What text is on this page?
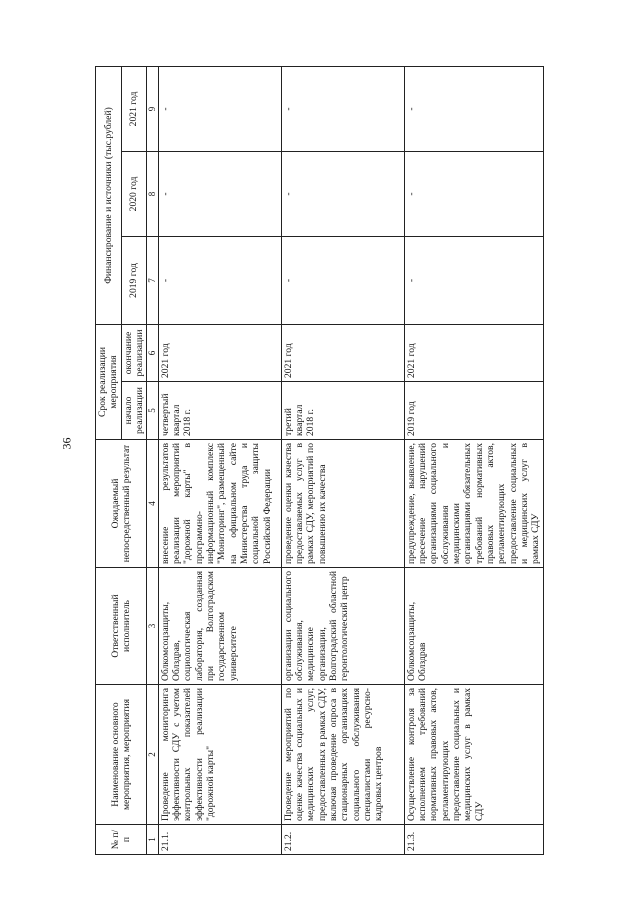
36
№ п/п	Наименование основного мероприятия, мероприятия	Ответственный исполнитель	Ожидаемый непосредственный результат	Срок реализации мероприятия		Финансирование и источники (тыс.рублей)		
				начало реализации	окончание реализации	2019 год	2020 год	2021 год
1	2	3	4	5	6	7	8	9
21.1.	Проведение мониторинга эффективности СДУ с учетом контрольных показателей эффективности реализации "дорожной карты"	Облкомсоцзащиты, Облздрав, социологическая лаборатория, созданная при Волгоградском государственном университете	внесение результатов реализации мероприятий "дорожной карты" в программно-информационный комплекс "Мониторинг", размещенный на официальном сайте Министерства труда и социальной защиты Российской Федерации	четвертый квартал 2018 г.	2021 год	-	-	-
21.2.	Проведение мероприятий по оценке качества социальных и медицинских услуг, предоставленных в рамках СДУ, включая проведение опроса в стационарных организациях социального обслуживания специалистами ресурсно-кадровых центров	организации социального обслуживания, медицинские организации, Волгоградский областной геронтологический центр	проведение оценки качества предоставляемых услуг в рамках СДУ, мероприятий по повышению их качества	третий квартал 2018 г.	2021 год	-	-	-
21.3.	Осуществление контроля за исполнением требований нормативных правовых актов, регламентирующих предоставление социальных и медицинских услуг в рамках СДУ	Облкомсоцзащиты, Облздрав	предупреждение, выявление, пресечение нарушений организациями социального обслуживания и медицинскими организациями обязательных требований нормативных правовых актов, регламентирующих предоставление социальных и медицинских услуг в рамках СДУ	2019 год	2021 год	-	-	-
